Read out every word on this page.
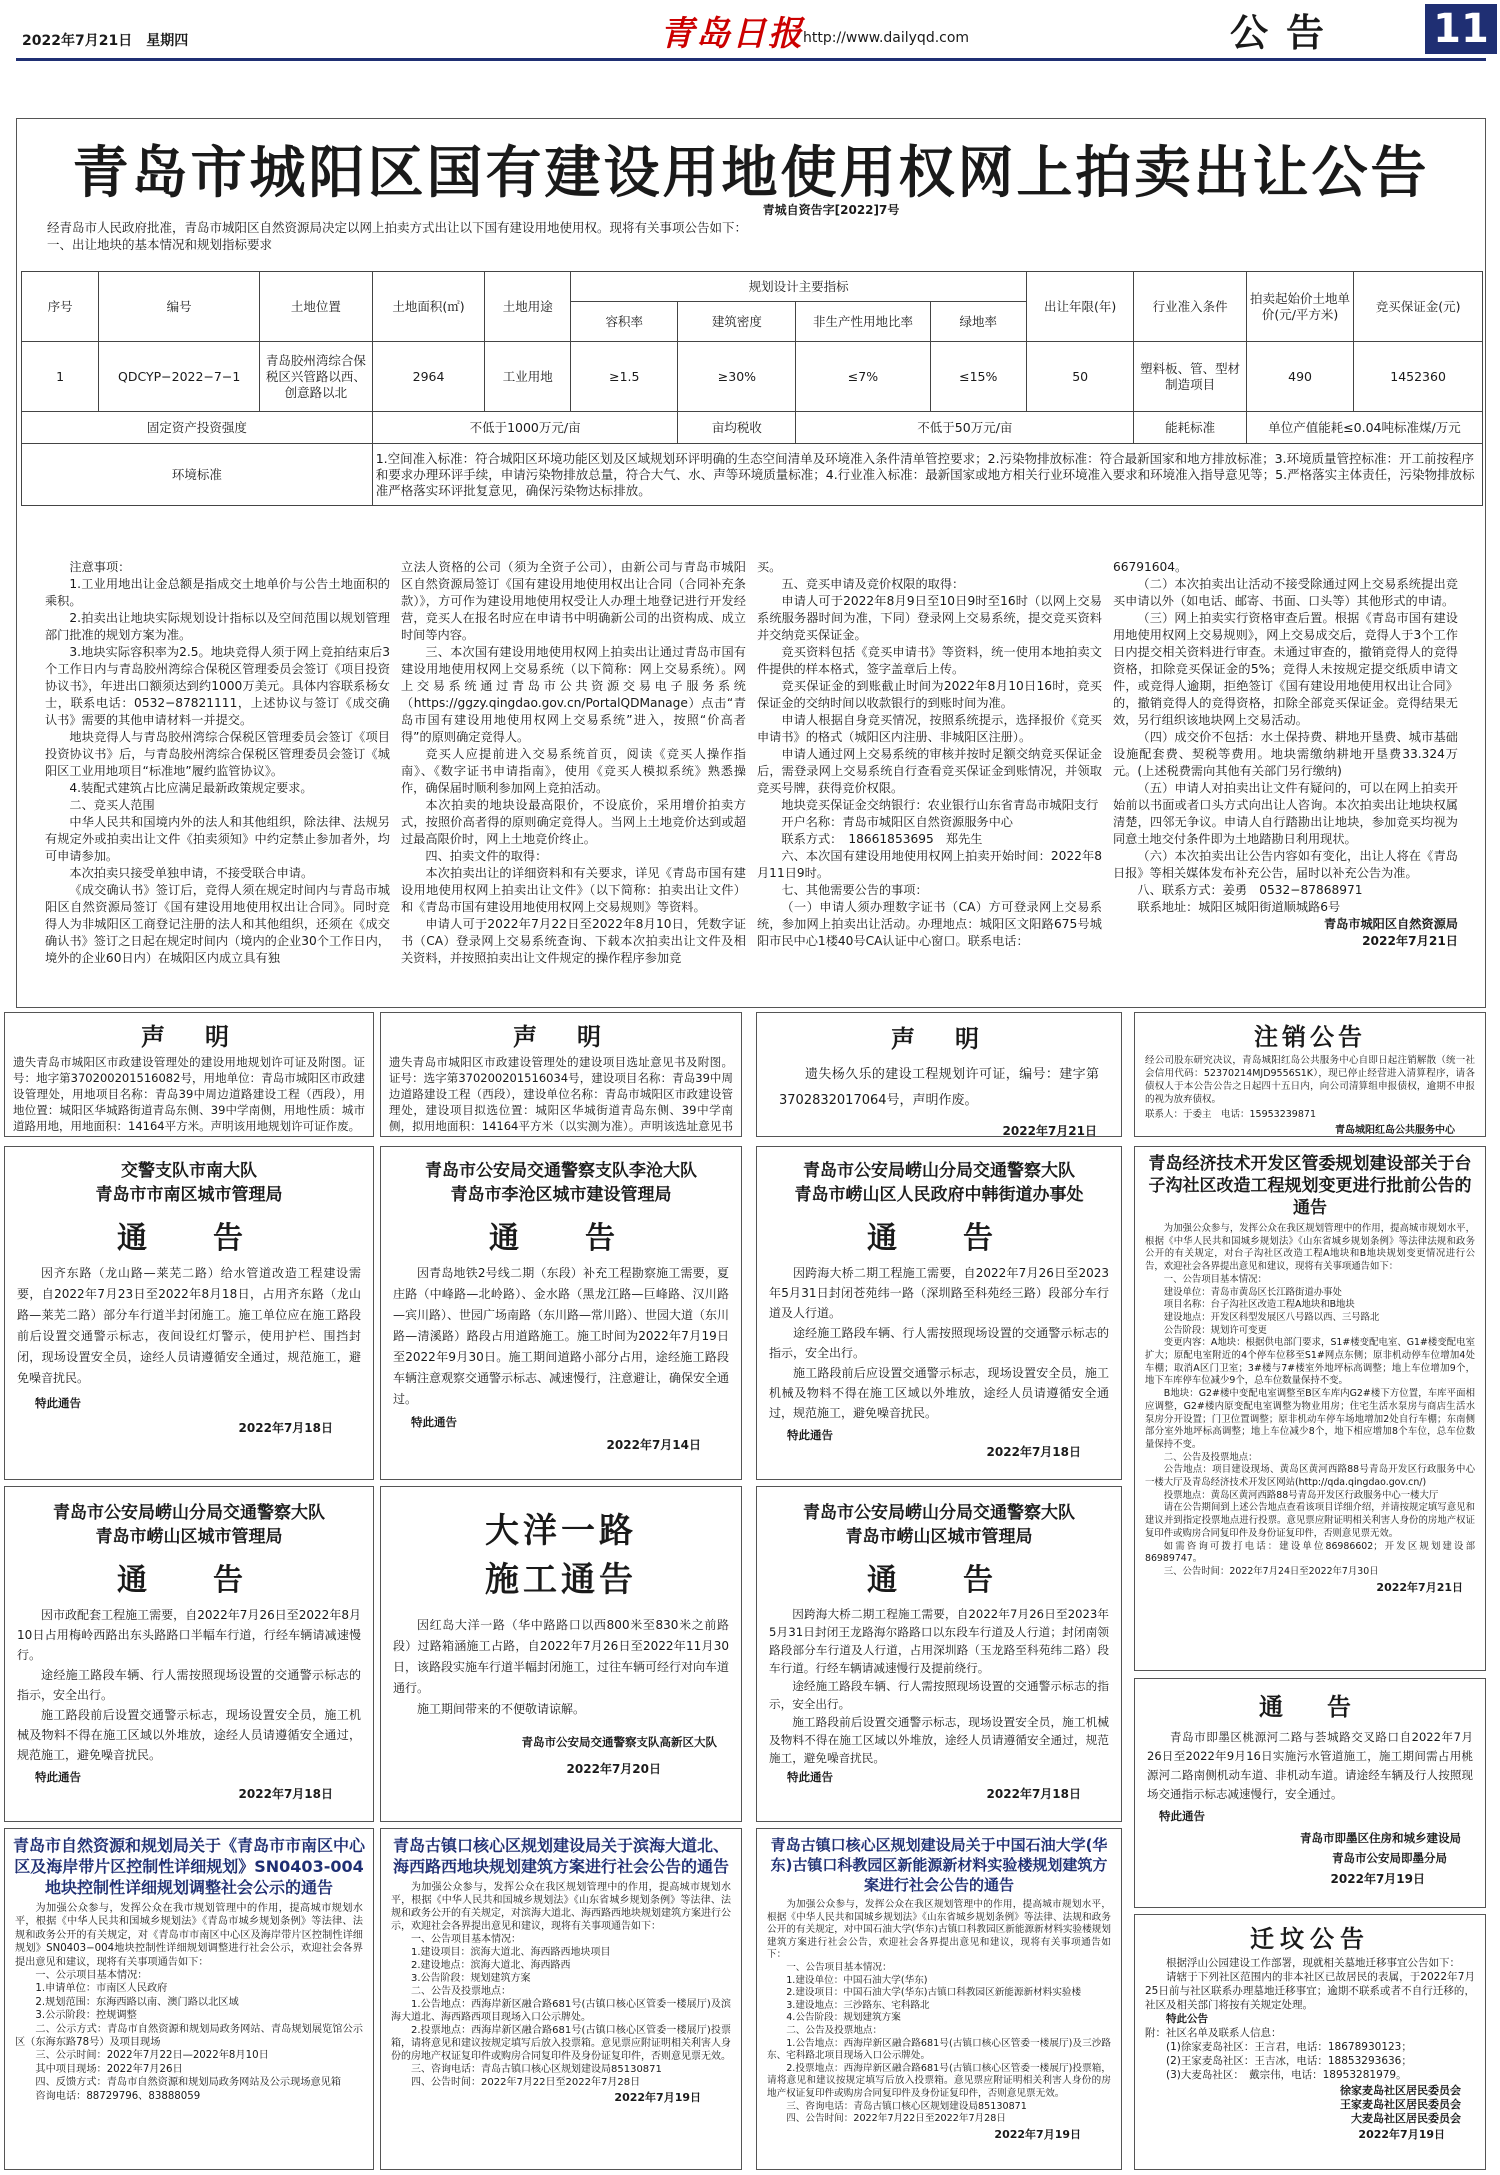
2022年7月21日　星期四	青岛日报 http://www.dailyqd.com	公告 11
青岛市城阳区国有建设用地使用权网上拍卖出让公告
青城自资告字[2022]7号
经青岛市人民政府批准，青岛市城阳区自然资源局决定以网上拍卖方式出让以下国有建设用地使用权。现将有关事项公告如下：
一、出让地块的基本情况和规划指标要求
序号	编号	土地位置	土地面积(㎡)	土地用途	规划设计主要指标				出让年限(年)	行业准入条件	拍卖起始价土地单价(元/平方米)	竞买保证金(元)
					容积率	建筑密度	非生产性用地比率	绿地率				
1	QDCYP−2022−7−1	青岛胶州湾综合保税区兴管路以西、创意路以北	2964	工业用地	≥1.5	≥30%	≤7%	≤15%	50	塑料板、管、型材制造项目	490	1452360
固定资产投资强度			不低于1000万元/亩			亩均税收	不低于50万元/亩			能耗标准	单位产值能耗≤0.04吨标准煤/万元	
环境标准			1.空间准入标准：符合城阳区环境功能区划及区域规划环评明确的生态空间清单及环境准入条件清单管控要求；2.污染物排放标准：符合最新国家和地方排放标准；3.环境质量管控标准：开工前按程序和要求办理环评手续，申请污染物排放总量，符合大气、水、声等环境质量标准；4.行业准入标准：最新国家或地方相关行业环境准入要求和环境准入指导意见等；5.严格落实主体责任，污染物排放标准严格落实环评批复意见，确保污染物达标排放。									

注意事项：

1.工业用地出让金总额是指成交土地单价与公告土地面积的乘积。

2.拍卖出让地块实际规划设计指标以及空间范围以规划管理部门批准的规划方案为准。

3.地块实际容积率为2.5。地块竞得人须于网上竞拍结束后3个工作日内与青岛胶州湾综合保税区管理委员会签订《项目投资协议书》，年进出口额须达到约1000万美元。具体内容联系杨女士，联系电话：0532−87821111，上述协议与签订《成交确认书》需要的其他申请材料一并提交。

地块竞得人与青岛胶州湾综合保税区管理委员会签订《项目投资协议书》后，与青岛胶州湾综合保税区管理委员会签订《城阳区工业用地项目“标准地”履约监管协议》。

4.装配式建筑占比应满足最新政策规定要求。

二、竞买人范围

中华人民共和国境内外的法人和其他组织，除法律、法规另有规定外或拍卖出让文件《拍卖须知》中约定禁止参加者外，均可申请参加。

本次拍卖只接受单独申请，不接受联合申请。

《成交确认书》签订后，竞得人须在规定时间内与青岛市城阳区自然资源局签订《国有建设用地使用权出让合同》。同时竞得人为非城阳区工商登记注册的法人和其他组织，还须在《成交确认书》签订之日起在规定时间内（境内的企业30个工作日内，境外的企业60日内）在城阳区内成立具有独

立法人资格的公司（须为全资子公司），由新公司与青岛市城阳区自然资源局签订《国有建设用地使用权出让合同（合同补充条款）》，方可作为建设用地使用权受让人办理土地登记进行开发经营，竞买人在报名时应在申请书中明确新公司的出资构成、成立时间等内容。

三、本次国有建设用地使用权网上拍卖出让通过青岛市国有建设用地使用权网上交易系统（以下简称：网上交易系统）。网上交易系统通过青岛市公共资源交易电子服务系统（https://ggzy.qingdao.gov.cn/PortalQDManage）点击“青岛市国有建设用地使用权网上交易系统”进入，按照“价高者得”的原则确定竞得人。

竞买人应提前进入交易系统首页，阅读《竞买人操作指南》、《数字证书申请指南》，使用《竞买人模拟系统》熟悉操作，确保届时顺利参加网上竞拍活动。

本次拍卖的地块设最高限价，不设底价，采用增价拍卖方式，按照价高者得的原则确定竞得人。当网上土地竞价达到或超过最高限价时，网上土地竞价终止。

四、拍卖文件的取得：

本次拍卖出让的详细资料和有关要求，详见《青岛市国有建设用地使用权网上拍卖出让文件》（以下简称：拍卖出让文件）和《青岛市国有建设用地使用权网上交易规则》等资料。

申请人可于2022年7月22日至2022年8月10日，凭数字证书（CA）登录网上交易系统查询、下载本次拍卖出让文件及相关资料，并按照拍卖出让文件规定的操作程序参加竞

买。

五、竞买申请及竞价权限的取得：

申请人可于2022年8月9日至10日9时至16时（以网上交易系统服务器时间为准，下同）登录网上交易系统，提交竞买资料并交纳竞买保证金。

竞买资料包括《竞买申请书》等资料，统一使用本地拍卖文件提供的样本格式，签字盖章后上传。

竞买保证金的到账截止时间为2022年8月10日16时，竞买保证金的交纳时间以收款银行的到账时间为准。

申请人根据自身竞买情况，按照系统提示，选择报价《竞买申请书》的格式（城阳区内注册、非城阳区注册）。

申请人通过网上交易系统的审核并按时足额交纳竞买保证金后，需登录网上交易系统自行查看竞买保证金到账情况，并领取竞买号牌，获得竞价权限。

地块竞买保证金交纳银行：农业银行山东省青岛市城阳支行

开户名称：青岛市城阳区自然资源服务中心

联系方式：　18661853695　郑先生

六、本次国有建设用地使用权网上拍卖开始时间：2022年8月11日9时。

七、其他需要公告的事项：

（一）申请人须办理数字证书（CA）方可登录网上交易系统，参加网上拍卖出让活动。办理地点：城阳区文阳路675号城阳市民中心1楼40号CA认证中心窗口。联系电话：

66791604。

（二）本次拍卖出让活动不接受除通过网上交易系统提出竞买申请以外（如电话、邮寄、书面、口头等）其他形式的申请。

（三）网上拍卖实行资格审查后置。根据《青岛市国有建设用地使用权网上交易规则》，网上交易成交后，竞得人于3个工作日内提交相关资料进行审查。未通过审查的，撤销竞得人的竞得资格，扣除竞买保证金的5%；竞得人未按规定提交纸质申请文件，或竞得人逾期，拒绝签订《国有建设用地使用权出让合同》的，撤销竞得人的竞得资格，扣除全部竞买保证金。竞得结果无效，另行组织该地块网上交易活动。

（四）成交价不包括：水土保持费、耕地开垦费、城市基础设施配套费、契税等费用。地块需缴纳耕地开垦费33.324万元。(上述税费需向其他有关部门另行缴纳)

（五）申请人对拍卖出让文件有疑问的，可以在网上拍卖开始前以书面或者口头方式向出让人咨询。本次拍卖出让地块权属清楚，四邻无争议。申请人自行踏勘出让地块，参加竞买均视为同意土地交付条件即为土地踏勘日利用现状。

（六）本次拍卖出让公告内容如有变化，出让人将在《青岛日报》等相关媒体发布补充公告，届时以补充公告为准。

八、联系方式：姜勇　0532−87868971

联系地址：城阳区城阳街道顺城路6号

青岛市城阳区自然资源局

2022年7月21日

声　明
遗失青岛市城阳区市政建设管理处的建设用地规划许可证及附图。证号：地字第370200201516082号，用地单位：青岛市城阳区市政建设管理处，用地项目名称：青岛39中周边道路建设工程（西段），用地位置：城阳区华城路街道青岛东侧、39中学南侧，用地性质：城市道路用地，用地面积：14164平方米。声明该用地规划许可证作废。
声　明
遗失青岛市城阳区市政建设管理处的建设项目选址意见书及附图。证号：选字第370200201516034号，建设项目名称：青岛39中周边道路建设工程（西段），建设单位名称：青岛市城阳区市政建设管理处，建设项目拟选位置：城阳区华城街道青岛东侧、39中学南侧，拟用地面积：14164平方米（以实测为准）。声明该选址意见书
声　明
遗失杨久乐的建设工程规划许可证，编号：建字第3702832017064号，声明作废。
2022年7月21日
注销公告
经公司股东研究决议，青岛城阳红岛公共服务中心自即日起注销解散（统一社会信用代码：52370214MJD9556S1K），现已停止经营进入清算程序，请各债权人于本公告公告之日起四十五日内，向公司清算组申报债权，逾期不申报的视为放弃债权。
联系人：于委主　电话：15953239871
青岛城阳红岛公共服务中心
交警支队市南大队
青岛市市南区城市管理局
通　告

因齐东路（龙山路—莱芜二路）给水管道改造工程建设需要，自2022年7月23日至2022年8月18日，占用齐东路（龙山路—莱芜二路）部分车行道半封闭施工。施工单位应在施工路段前后设置交通警示标志，夜间设红灯警示，使用护栏、围挡封闭，现场设置安全员，途经人员请遵循安全通过，规范施工，避免噪音扰民。

特此通告
2022年7月18日
青岛市公安局交通警察支队李沧大队
青岛市李沧区城市建设管理局
通　告

因青岛地铁2号线二期（东段）补充工程勘察施工需要，夏庄路（中峰路—北岭路）、金水路（黑龙江路—巨峰路、汉川路—宾川路）、世园广场南路（东川路—常川路）、世园大道（东川路—清溪路）路段占用道路施工。施工时间为2022年7月19日至2022年9月30日。施工期间道路小部分占用，途经施工路段车辆注意观察交通警示标志、减速慢行，注意避让，确保安全通过。

特此通告
2022年7月14日
青岛市公安局崂山分局交通警察大队
青岛市崂山区人民政府中韩街道办事处
通　告

因跨海大桥二期工程施工需要，自2022年7月26日至2023年5月31日封闭苍苑纬一路（深圳路至科苑经三路）段部分车行道及人行道。

途经施工路段车辆、行人需按照现场设置的交通警示标志的指示，安全出行。

施工路段前后应设置交通警示标志，现场设置安全员，施工机械及物料不得在施工区域以外堆放，途经人员请遵循安全通过，规范施工，避免噪音扰民。

特此通告
2022年7月18日
青岛经济技术开发区管委规划建设部关于台子沟社区改造工程规划变更进行批前公告的通告

为加强公众参与，发挥公众在我区规划管理中的作用，提高城市规划水平，根据《中华人民共和国城乡规划法》《山东省城乡规划条例》等法律法规和政务公开的有关规定，对台子沟社区改造工程A地块和B地块规划变更情况进行公告，欢迎社会各界提出意见和建议，现将有关事项通告如下：

一、公告项目基本情况：

建设单位：青岛市黄岛区长江路街道办事处

项目名称：台子沟社区改造工程A地块和B地块

建设地点：开发区科型发展区八号路以西、三号路北

公告阶段：规划许可变更

变更内容：A地块：根据供电部门要求，S1#楼变配电室、G1#楼变配电室扩大；原配电室附近的4个停车位移至S1#网点东侧；原非机动停车位增加4处车棚；取消A区门卫室；3#楼与7#楼室外地坪标高调整；地上车位增加9个，地下车库停车位减少9个，总车位数量保持不变。

B地块：G2#楼中变配电室调整至B区车库内G2#楼下方位置，车库平面相应调整，G2#楼内原变配电室调整为物业用房；住宅生活水泵房与商店生活水泵房分开设置；门卫位置调整；原非机动车停车场地增加2处自行车棚；东南侧部分室外地坪标高调整；地上车位减少8个，地下相应增加8个车位，总车位数量保持不变。

二、公告及投票地点：

公告地点：项目建设现场、黄岛区黄河西路88号青岛开发区行政服务中心一楼大厅及青岛经济技术开发区网站(http://qda.qingdao.gov.cn/)

投票地点：黄岛区黄河西路88号青岛开发区行政服务中心一楼大厅

请在公告期间到上述公告地点查看该项目详细介绍，并请按规定填写意见和建议并到指定投票地点进行投票。意见票应附证明相关利害人身份的房地产权证复印件或购房合同复印件及身份证复印件，否则意见票无效。

如需咨询可拨打电话：建设单位86986602；开发区规划建设部86989747。

三、公告时间：2022年7月24日至2022年7月30日

2022年7月21日
青岛市公安局崂山分局交通警察大队
青岛市崂山区城市管理局
通　告

因市政配套工程施工需要，自2022年7月26日至2022年8月10日占用梅岭西路出东头路路口半幅车行道，行经车辆请减速慢行。

途经施工路段车辆、行人需按照现场设置的交通警示标志的指示，安全出行。

施工路段前后设置交通警示标志，现场设置安全员，施工机械及物料不得在施工区域以外堆放，途经人员请遵循安全通过，规范施工，避免噪音扰民。

特此通告
2022年7月18日
大洋一路
施工通告

因红岛大洋一路（华中路路口以西800米至830米之前路段）过路箱涵施工占路，自2022年7月26日至2022年11月30日，该路段实施车行道半幅封闭施工，过往车辆可经行对向车道通行。

施工期间带来的不便敬请谅解。

青岛市公安局交通警察支队高新区大队
2022年7月20日
青岛市公安局崂山分局交通警察大队
青岛市崂山区城市管理局
通　告

因跨海大桥二期工程施工需要，自2022年7月26日至2023年5月31日封闭王龙路海尔路路口以东段车行道及人行道；封闭南领路段部分车行道及人行道，占用深圳路（玉龙路至科苑纬二路）段车行道。行经车辆请减速慢行及提前绕行。

途经施工路段车辆、行人需按照现场设置的交通警示标志的指示，安全出行。

施工路段前后设置交通警示标志，现场设置安全员，施工机械及物料不得在施工区域以外堆放，途经人员请遵循安全通过，规范施工，避免噪音扰民。

特此通告
2022年7月18日
通　告

青岛市即墨区桃源河二路与荟城路交叉路口自2022年7月26日至2022年9月16日实施污水管道施工，施工期间需占用桃源河二路南侧机动车道、非机动车道。请途经车辆及行人按照现场交通指示标志减速慢行，安全通过。

特此通告
青岛市即墨区住房和城乡建设局
青岛市公安局即墨分局
2022年7月19日
青岛市自然资源和规划局关于《青岛市市南区中心区及海岸带片区控制性详细规划》SN0403-004地块控制性详细规划调整社会公示的通告

为加强公众参与，发挥公众在我市规划管理中的作用，提高城市规划水平，根据《中华人民共和国城乡规划法》《青岛市城乡规划条例》等法律、法规和政务公开的有关规定，对《青岛市市南区中心区及海岸带片区控制性详细规划》SN0403−004地块控制性详细规划调整进行社会公示，欢迎社会各界提出意见和建议，现将有关事项通告如下：

一、公示项目基本情况：

1.申请单位：市南区人民政府

2.规划范围：东海西路以南、澳门路以北区域

3.公示阶段：控规调整

二、公示方式：青岛市自然资源和规划局政务网站、青岛规划展览馆公示区（东海东路78号）及项目现场

三、公示时间：2022年7月22日—2022年8月10日

其中项目现场：2022年7月26日

四、反馈方式：青岛市自然资源和规划局政务网站及公示现场意见箱

咨询电话：88729796、83888059

青岛古镇口核心区规划建设局关于滨海大道北、海西路西地块规划建筑方案进行社会公告的通告

为加强公众参与，发挥公众在我区规划管理中的作用，提高城市规划水平，根据《中华人民共和国城乡规划法》《山东省城乡规划条例》等法律、法规和政务公开的有关规定，对滨海大道北、海西路西地块规划建筑方案进行公示，欢迎社会各界提出意见和建议，现将有关事项通告如下：

一、公告项目基本情况：

1.建设项目：滨海大道北、海西路西地块项目

2.建设地点：滨海大道北、海西路西

3.公告阶段：规划建筑方案

二、公告及投票地点：

1.公告地点：西海岸新区融合路681号(古镇口核心区管委一楼展厅)及滨海大道北、海西路西项目现场入口公示牌处。

2.投票地点：西海岸新区融合路681号(古镇口核心区管委一楼展厅)投票箱，请将意见和建议按规定填写后放入投票箱。意见票应附证明相关利害人身份的房地产权证复印件或购房合同复印件及身份证复印件，否则意见票无效。

三、咨询电话：青岛古镇口核心区规划建设局85130871

四、公告时间：2022年7月22日至2022年7月28日

2022年7月19日
青岛古镇口核心区规划建设局关于中国石油大学(华东)古镇口科教园区新能源新材料实验楼规划建筑方案进行社会公告的通告

为加强公众参与，发挥公众在我区规划管理中的作用，提高城市规划水平，根据《中华人民共和国城乡规划法》《山东省城乡规划条例》等法律、法规和政务公开的有关规定，对中国石油大学(华东)古镇口科教园区新能源新材料实验楼规划建筑方案进行社会公告，欢迎社会各界提出意见和建议，现将有关事项通告如下：

一、公告项目基本情况：

1.建设单位：中国石油大学(华东)

2.建设项目：中国石油大学(华东)古镇口科教园区新能源新材料实验楼

3.建设地点：三沙路东、宅科路北

4.公告阶段：规划建筑方案

二、公告及投票地点：

1.公告地点：西海岸新区融合路681号(古镇口核心区管委一楼展厅)及三沙路东、宅科路北项目现场入口公示牌处。

2.投票地点：西海岸新区融合路681号(古镇口核心区管委一楼展厅)投票箱，请将意见和建议按规定填写后放入投票箱。意见票应附证明相关利害人身份的房地产权证复印件或购房合同复印件及身份证复印件，否则意见票无效。

三、咨询电话：青岛古镇口核心区规划建设局85130871

四、公告时间：2022年7月22日至2022年7月28日

2022年7月19日
迁坟公告

根据浮山公园建设工作部署，现就相关墓地迁移事宜公告如下：

请辖于下列社区范围内的非本社区已故居民的表属，于2022年7月25日前与社区联系办理墓地迁移事宜；逾期不联系或者不自行迁移的，社区及相关部门将按有关规定处理。

特此公告

附：社区名单及联系人信息：

(1)徐家麦岛社区：王言君，电话：18678930123；

(2)王家麦岛社区：王吉冰，电话：18853293636；

(3)大麦岛社区：　戴宗伟，电话：18953281979。

徐家麦岛社区居民委员会
王家麦岛社区居民委员会
大麦岛社区居民委员会
2022年7月19日
